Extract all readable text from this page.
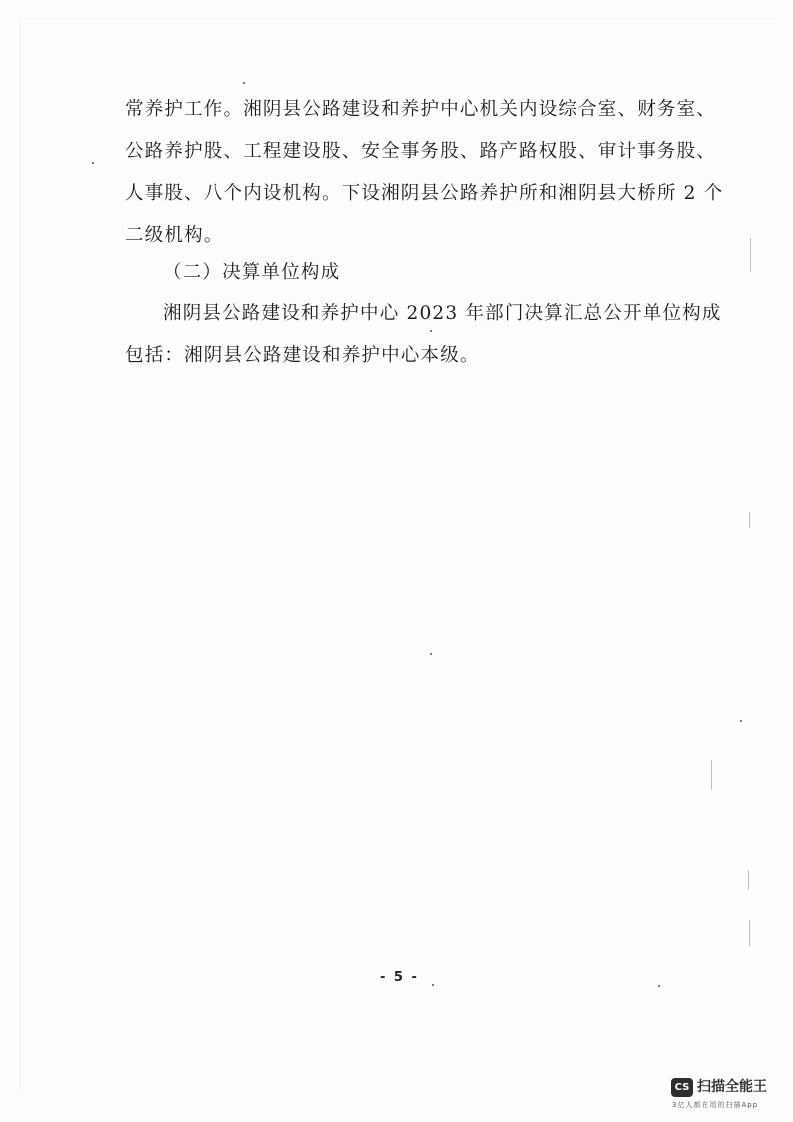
常养护工作。湘阴县公路建设和养护中心机关内设综合室、财务室、
公路养护股、工程建设股、安全事务股、路产路权股、审计事务股、
人事股、八个内设机构。下设湘阴县公路养护所和湘阴县大桥所 2 个
二级机构。
（二）决算单位构成
湘阴县公路建设和养护中心 2023 年部门决算汇总公开单位构成
包括：湘阴县公路建设和养护中心本级。
- 5 -
CS 扫描全能王
3亿人都在用的扫描App
